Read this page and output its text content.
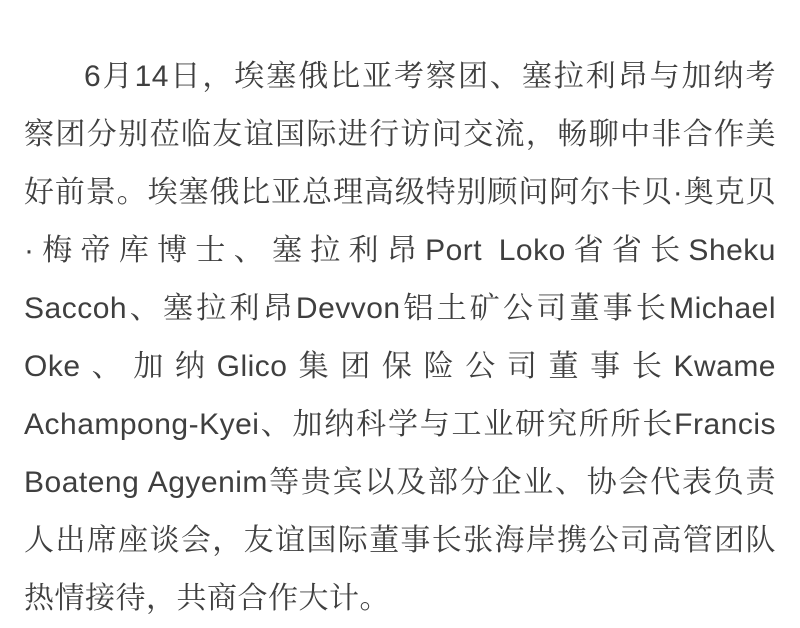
6月14日，埃塞俄比亚考察团、塞拉利昂与加纳考察团分别莅临友谊国际进行访问交流，畅聊中非合作美好前景。埃塞俄比亚总理高级特别顾问阿尔卡贝·奥克贝·梅帝库博士、塞拉利昂Port Loko省省长Sheku Saccoh、塞拉利昂Devvon铝土矿公司董事长Michael Oke、加纳Glico集团保险公司董事长Kwame Achampong-Kyei、加纳科学与工业研究所所长Francis Boateng Agyenim等贵宾以及部分企业、协会代表负责人出席座谈会，友谊国际董事长张海岸携公司高管团队热情接待，共商合作大计。
